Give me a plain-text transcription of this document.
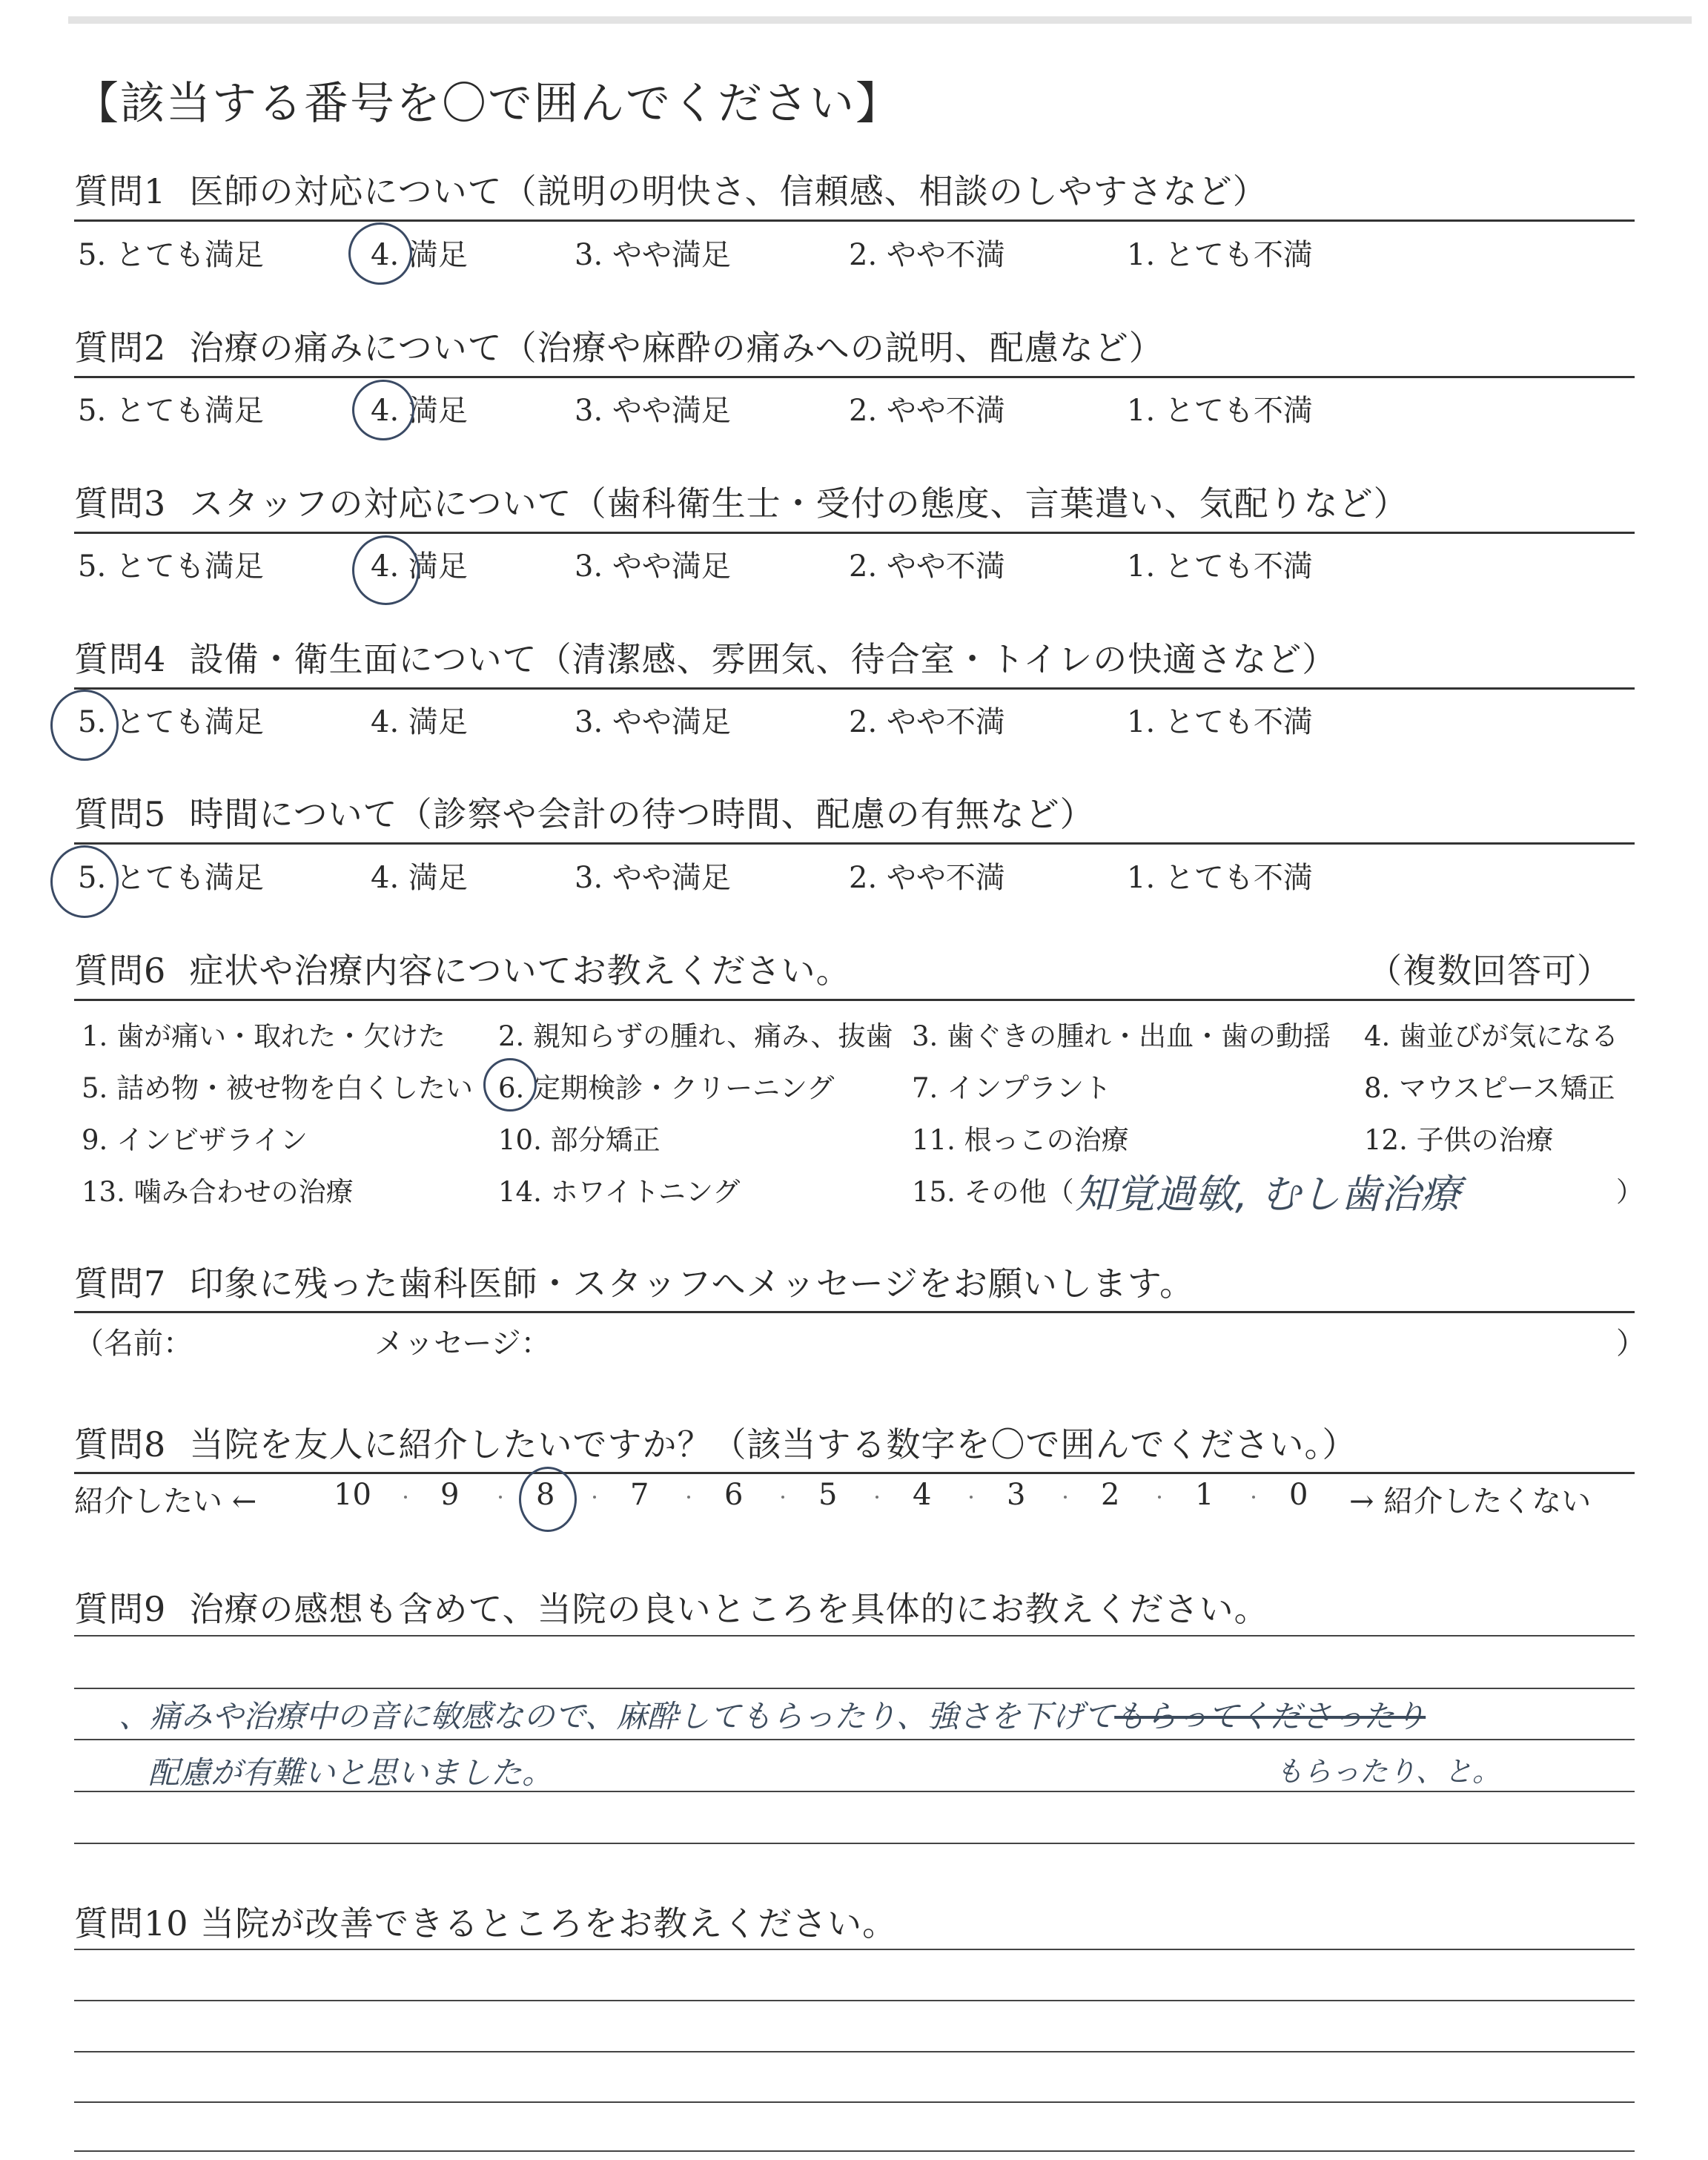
【該当する番号を〇で囲んでください】
質問1 医師の対応について（説明の明快さ、信頼感、相談のしやすさなど）
5. とても満足	4. 満足	3. やや満足	2. やや不満	1. とても不満
質問2 治療の痛みについて（治療や麻酔の痛みへの説明、配慮など）
5. とても満足	4. 満足	3. やや満足	2. やや不満	1. とても不満
質問3 スタッフの対応について（歯科衛生士・受付の態度、言葉遣い、気配りなど）
5. とても満足	4. 満足	3. やや満足	2. やや不満	1. とても不満
質問4 設備・衛生面について（清潔感、雰囲気、待合室・トイレの快適さなど）
5. とても満足	4. 満足	3. やや満足	2. やや不満	1. とても不満
質問5 時間について（診察や会計の待つ時間、配慮の有無など）
5. とても満足	4. 満足	3. やや満足	2. やや不満	1. とても不満
質問6 症状や治療内容についてお教えください。	（複数回答可）
1. 歯が痛い・取れた・欠けた 2. 親知らずの腫れ、痛み、抜歯 3. 歯ぐきの腫れ・出血・歯の動揺 4. 歯並びが気になる
5. 詰め物・被せ物を白くしたい 6. 定期検診・クリーニング	7. インプラント	8. マウスピース矯正
9. インビザライン	10. 部分矯正	11. 根っこの治療	12. 子供の治療
13. 噛み合わせの治療	14. ホワイトニング	15. その他（ 知覚過敏, むし歯治療	）
質問7 印象に残った歯科医師・スタッフへメッセージをお願いします。
（名前：	メッセージ：	）
質問8 当院を友人に紹介したいですか？（該当する数字を〇で囲んでください。）
紹介したい ←	10 9	8	7	6	5	4	3	2	1	0 → 紹介したくない
質問9 治療の感想も含めて、当院の良いところを具体的にお教えください。
、痛みや治療中の音に敏感なので、麻酔してもらったり、強さを下げてもらってくださったり
配慮が有難いと思いました。	もらったり、と。
質問10 当院が改善できるところをお教えください。
